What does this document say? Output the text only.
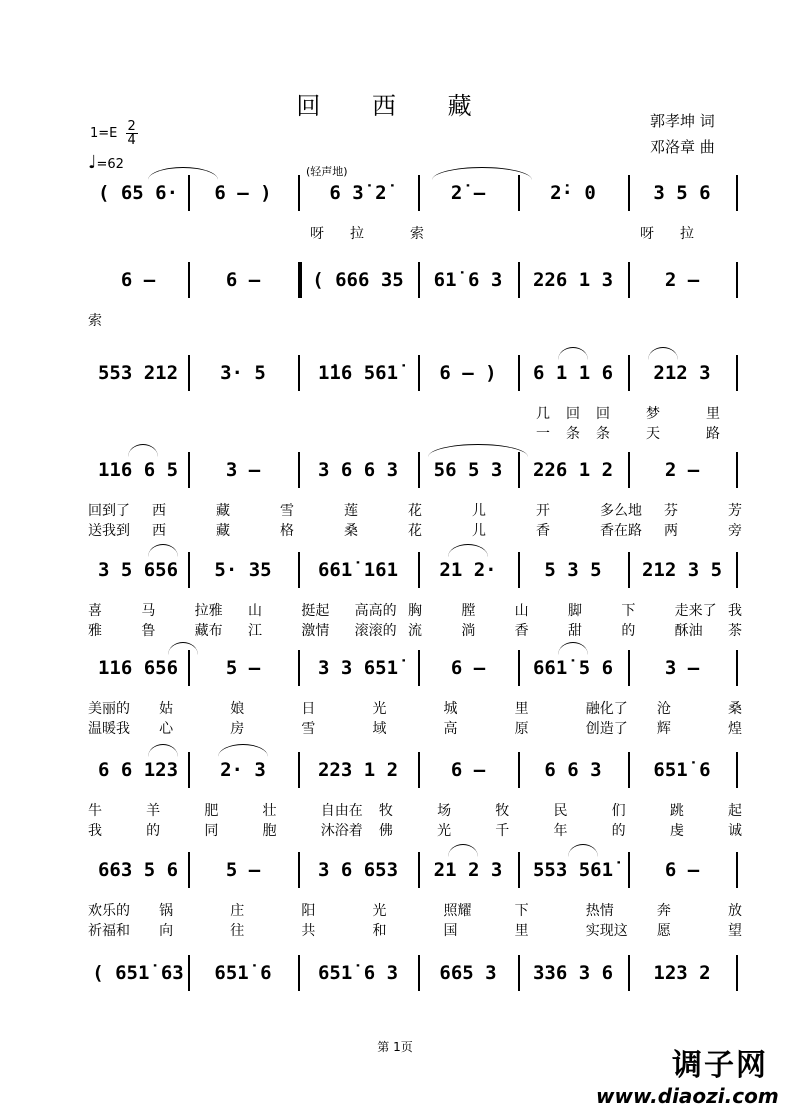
回 西 藏
郭孝坤 词
邓洛章 曲
$1=E \frac{2}{4}$
♩=62
( 65 6·	6 – )	6 3̇ 2̇	2̇ –	2̇· 0	3 5 6
呀 拉	索	呀 拉
(轻声地)
6 –	6 –	( 666 35	61̇ 6 3	226 1 3	2 –
索
553 212	3· 5	1̇16 561̇	6 – )	6 1 1 6	212 3
几 回 回	梦	里
一 条 条	天	路
116 6 5	3 –	3 6 6 3	56 5 3	226 1 2	2 –
回到了 西	藏	雪	莲	花	儿	开	多么地 芬	芳
送我到 西	藏	格	桑	花	儿	香	香在路 两	旁
3 5 656	5· 35	661̇ 161	21 2·	5 3 5	212 3 5
喜	马	拉雅 山	挺起 高高的 胸	膛	山	脚	下	走来了 我
雅	鲁	藏布 江	激情 滚滚的 流	淌	香	甜	的	酥油 茶
116 656	5 –	3 3 651̇	6 –	661̇ 5 6	3 –
美丽的 姑	娘	日	光	城	里	融化了 沧	桑
温暖我 心	房	雪	域	高	原	创造了 辉	煌
6 6 123	2· 3	223 1 2	6 –	6 6 3	651̇ 6
牛	羊	肥	壮	自由在 牧	场	牧	民	们	跳	起
我	的	同	胞	沐浴着 佛	光	千	年	的	虔	诚
663 5 6	5 –	3 6 653	21 2 3	553 561̇	6 –
欢乐的 锅	庄	阳	光	照耀	下	热情	奔	放
祈福和 向	往	共	和	国	里	实现这 愿	望
( 651̇ 63	651̇ 6	651̇ 6 3	665 3	336 3 6	123 2
第 1页
调子网
www.diaozi.com
